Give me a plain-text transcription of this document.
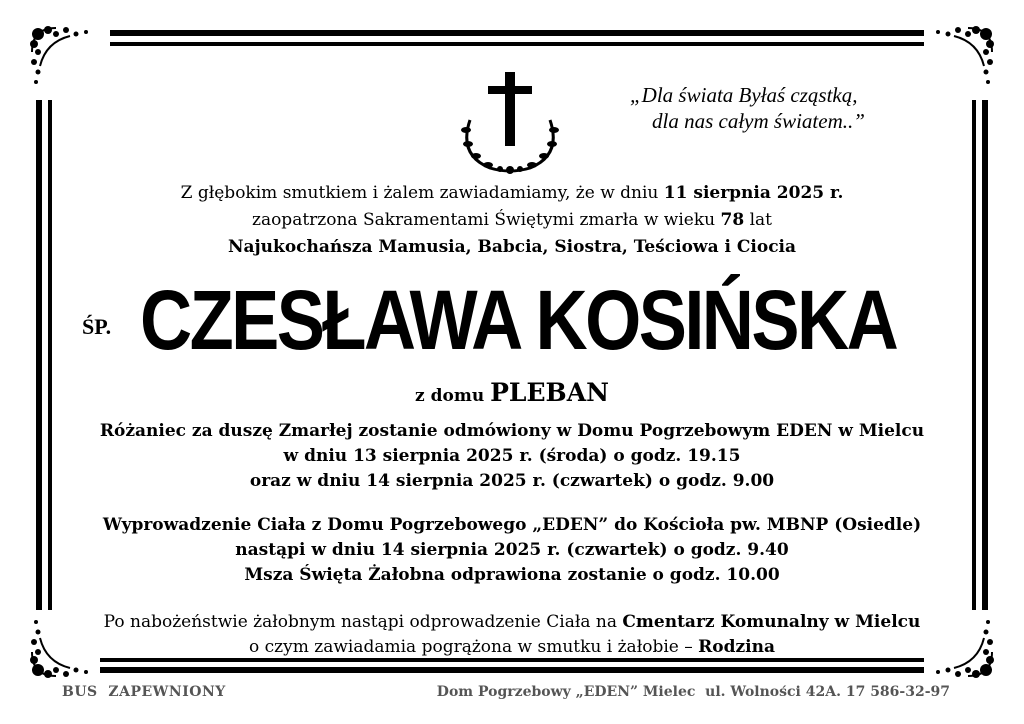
„Dla świata Byłaś cząstką,
dla nas całym światem..”
Z głębokim smutkiem i żalem zawiadamiamy, że w dniu 11 sierpnia 2025 r.
zaopatrzona Sakramentami Świętymi zmarła w wieku 78 lat
Najukochańsza Mamusia, Babcia, Siostra, Teściowa i Ciocia
ŚP. CZESŁAWA KOSIŃSKA
z domu PLEBAN
Różaniec za duszę Zmarłej zostanie odmówiony w Domu Pogrzebowym EDEN w Mielcu
w dniu 13 sierpnia 2025 r. (środa) o godz. 19.15
oraz w dniu 14 sierpnia 2025 r. (czwartek) o godz. 9.00
Wyprowadzenie Ciała z Domu Pogrzebowego „EDEN” do Kościoła pw. MBNP (Osiedle)
nastąpi w dniu 14 sierpnia 2025 r. (czwartek) o godz. 9.40
Msza Święta Żałobna odprawiona zostanie o godz. 10.00
Po nabożeństwie żałobnym nastąpi odprowadzenie Ciała na Cmentarz Komunalny w Mielcu
o czym zawiadamia pogrążona w smutku i żałobie – Rodzina
BUS  ZAPEWNIONY	Dom Pogrzebowy „EDEN” Mielec  ul. Wolności 42A. 17 586-32-97
